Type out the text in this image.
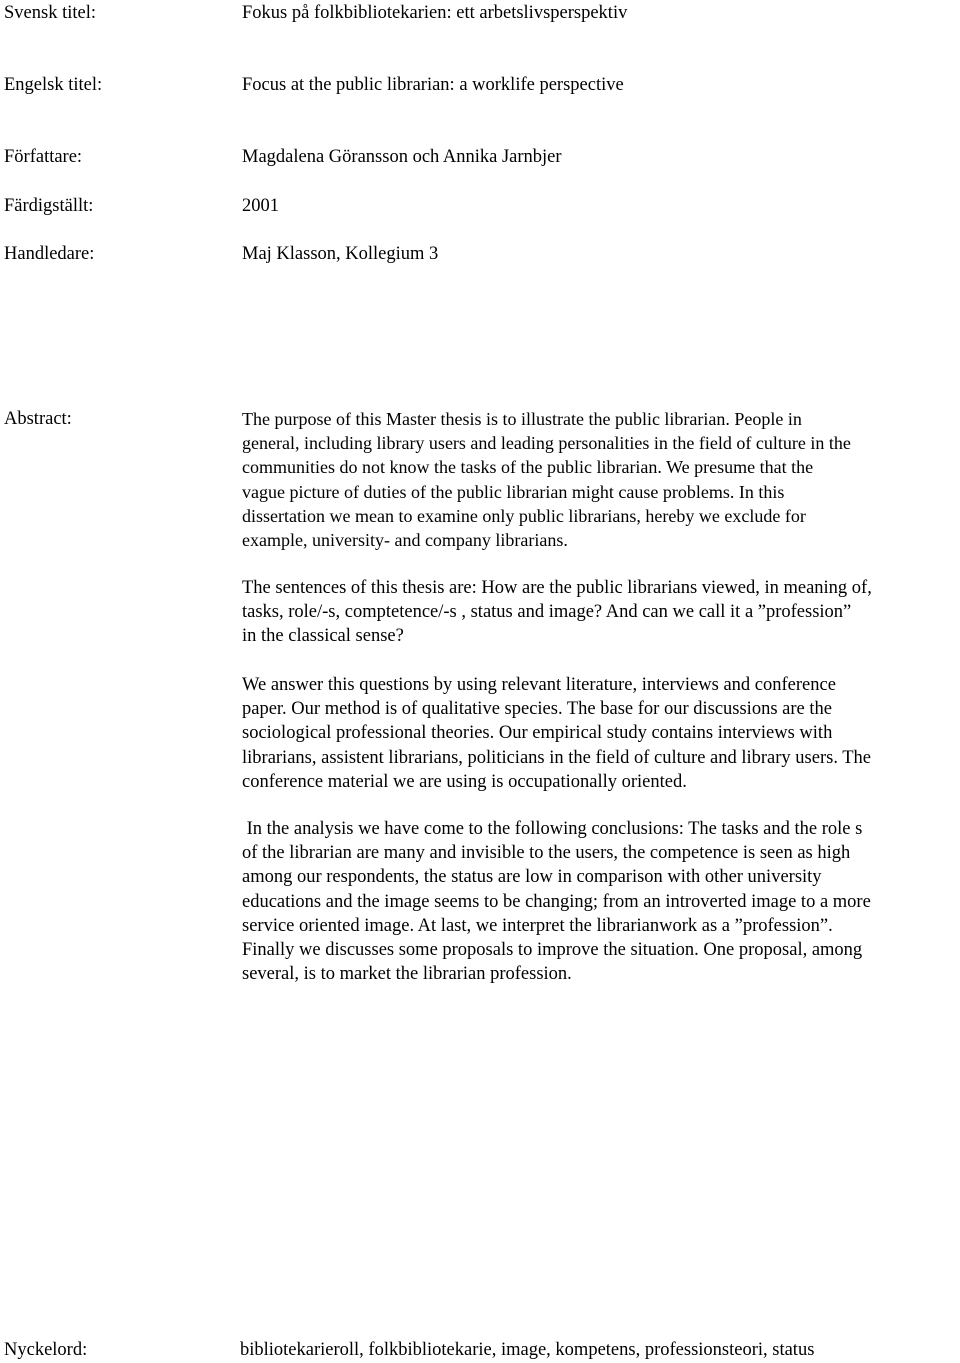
Svensk titel:	Fokus på folkbibliotekarien: ett arbetslivsperspektiv
Engelsk titel:	Focus at the public librarian: a worklife perspective
Författare:	Magdalena Göransson och Annika Jarnbjer
Färdigställt:	2001
Handledare:	Maj Klasson, Kollegium 3
Abstract:	The purpose of this Master thesis is to illustrate the public librarian. People in
general, including library users and leading personalities in the field of culture in the
communities do not know the tasks of the public librarian. We presume that the
vague picture of duties of the public librarian might cause problems. In this
dissertation we mean to examine only public librarians, hereby we exclude for
example, university- and company librarians.
The sentences of this thesis are: How are the public librarians viewed, in meaning of,
tasks, role/-s, comptetence/-s , status and image? And can we call it a ”profession”
in the classical sense?
We answer this questions by using relevant literature, interviews and conference
paper. Our method is of qualitative species. The base for our discussions are the
sociological professional theories. Our empirical study contains interviews with
librarians, assistent librarians, politicians in the field of culture and library users. The
conference material we are using is occupationally oriented.
In the analysis we have come to the following conclusions: The tasks and the role s
of the librarian are many and invisible to the users, the competence is seen as high
among our respondents, the status are low in comparison with other university
educations and the image seems to be changing; from an introverted image to a more
service oriented image. At last, we interpret the librarianwork as a ”profession”.
Finally we discusses some proposals to improve the situation. One proposal, among
several, is to market the librarian profession.
Nyckelord:	bibliotekarieroll, folkbibliotekarie, image, kompetens, professionsteori, status
